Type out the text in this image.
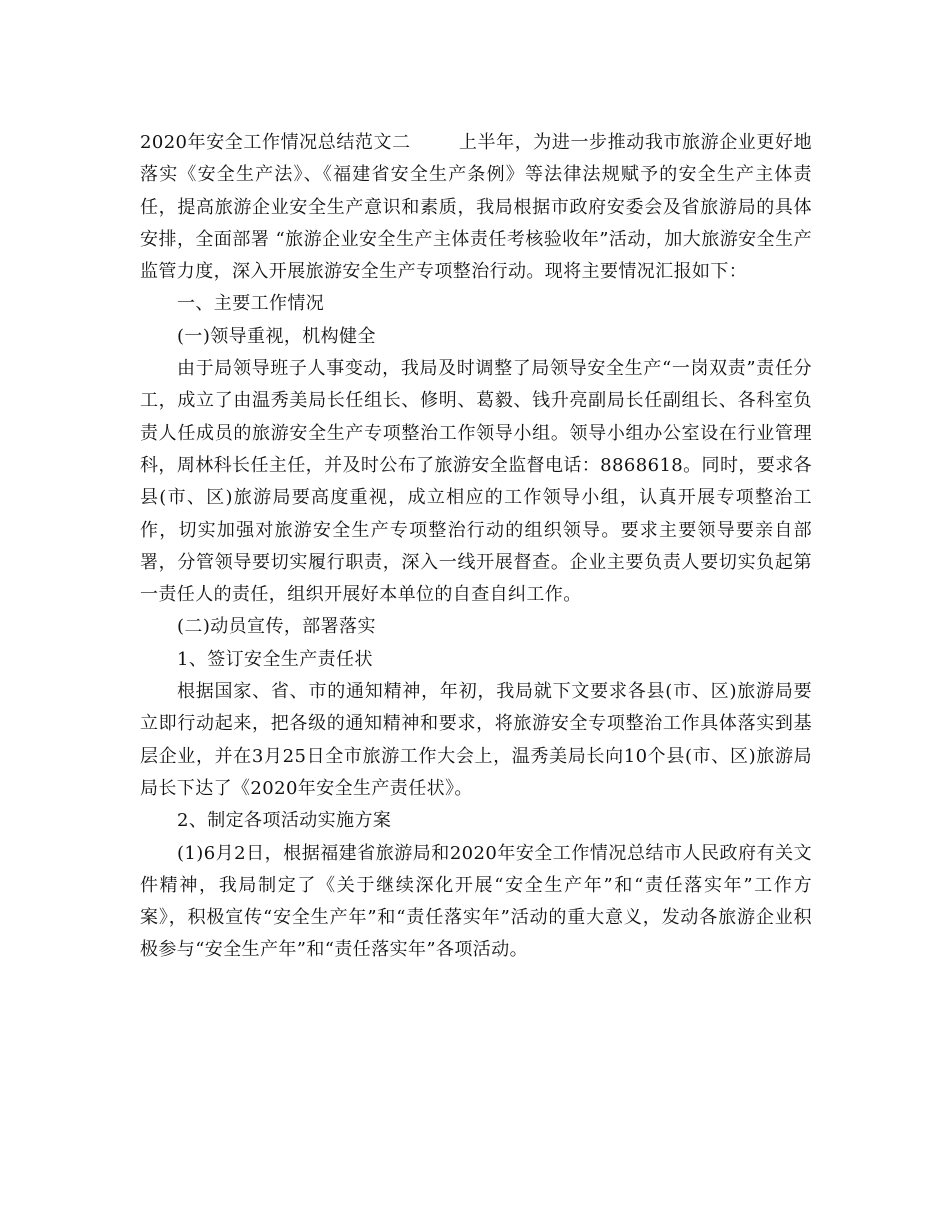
2020年安全工作情况总结范文二	上半年，为进一步推动我市旅游企业更好地落实《安全生产法》、《福建省安全生产条例》等法律法规赋予的安全生产主体责任，提高旅游企业安全生产意识和素质，我局根据市政府安委会及省旅游局的具体安排，全面部署 “旅游企业安全生产主体责任考核验收年”活动，加大旅游安全生产监管力度，深入开展旅游安全生产专项整治行动。现将主要情况汇报如下：

一、主要工作情况

(一)领导重视，机构健全

由于局领导班子人事变动，我局及时调整了局领导安全生产“一岗双责”责任分工，成立了由温秀美局长任组长、修明、葛毅、钱升亮副局长任副组长、各科室负责人任成员的旅游安全生产专项整治工作领导小组。领导小组办公室设在行业管理科，周林科长任主任，并及时公布了旅游安全监督电话：8868618。同时，要求各县(市、区)旅游局要高度重视，成立相应的工作领导小组，认真开展专项整治工作，切实加强对旅游安全生产专项整治行动的组织领导。要求主要领导要亲自部署，分管领导要切实履行职责，深入一线开展督查。企业主要负责人要切实负起第一责任人的责任，组织开展好本单位的自查自纠工作。

(二)动员宣传，部署落实

1、签订安全生产责任状

根据国家、省、市的通知精神，年初，我局就下文要求各县(市、区)旅游局要立即行动起来，把各级的通知精神和要求，将旅游安全专项整治工作具体落实到基层企业，并在3月25日全市旅游工作大会上，温秀美局长向10个县(市、区)旅游局局长下达了《2020年安全生产责任状》。

2、制定各项活动实施方案

(1)6月2日，根据福建省旅游局和2020年安全工作情况总结市人民政府有关文件精神，我局制定了《关于继续深化开展“安全生产年”和“责任落实年”工作方案》，积极宣传“安全生产年”和“责任落实年”活动的重大意义，发动各旅游企业积极参与“安全生产年”和“责任落实年”各项活动。
